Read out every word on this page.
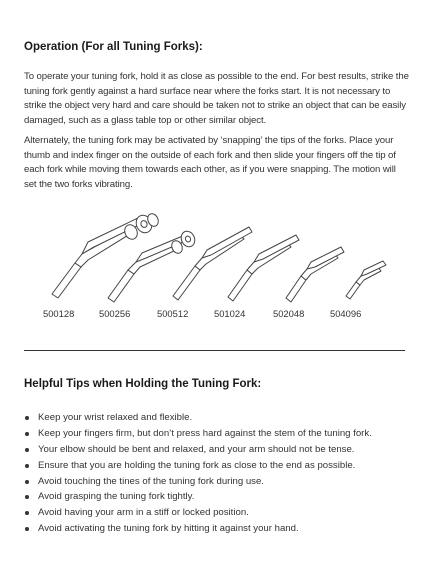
Operation (For all Tuning Forks):

To operate your tuning fork, hold it as close as possible to the end. For best results, strike the tuning fork gently against a hard surface near where the forks start. It is not necessary to strike the object very hard and care should be taken not to strike an object that can be easily damaged, such as a glass table top or other similar object.

Alternately, the tuning fork may be activated by ‘snapping’ the tips of the forks. Place your thumb and index finger on the outside of each fork and then slide your fingers off the tip of each fork while moving them towards each other, as if you were snapping. The motion will set the two forks vibrating.

500128	500256	500512	501024	502048	504096
Helpful Tips when Holding the Tuning Fork:
Keep your wrist relaxed and flexible.
Keep your fingers firm, but don’t press hard against the stem of the tuning fork.
Your elbow should be bent and relaxed, and your arm should not be tense.
Ensure that you are holding the tuning fork as close to the end as possible.
Avoid touching the tines of the tuning fork during use.
Avoid grasping the tuning fork tightly.
Avoid having your arm in a stiff or locked position.
Avoid activating the tuning fork by hitting it against your hand.
